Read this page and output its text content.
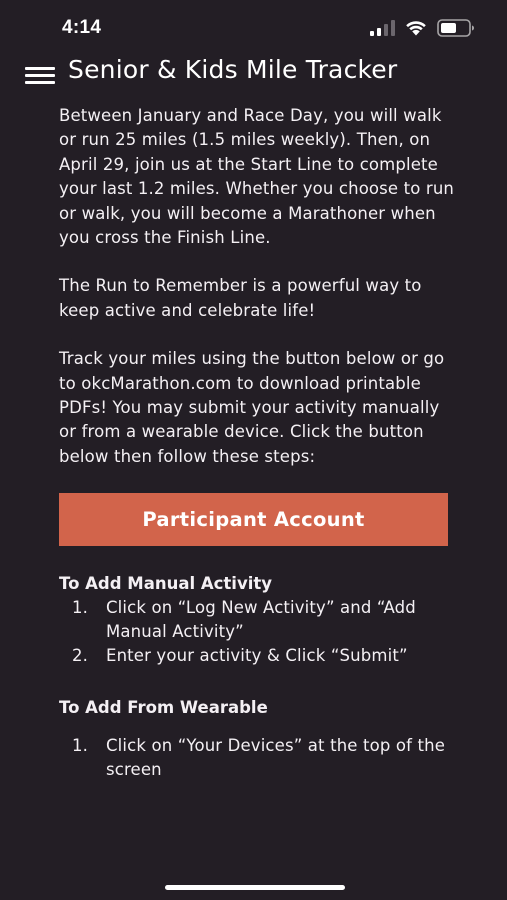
4:14
Senior & Kids Mile Tracker

Between January and Race Day, you will walk or run 25 miles (1.5 miles weekly). Then, on April 29, join us at the Start Line to complete your last 1.2 miles. Whether you choose to run or walk, you will become a Marathoner when you cross the Finish Line.

The Run to Remember is a powerful way to keep active and celebrate life!

Track your miles using the button below or go to okcMarathon.com to download printable PDFs! You may submit your activity manually or from a wearable device. Click the button below then follow these steps:

Participant Account
To Add Manual Activity
1. Click on “Log New Activity” and “Add Manual Activity”
2. Enter your activity & Click “Submit”
To Add From Wearable
1. Click on “Your Devices” at the top of the screen
